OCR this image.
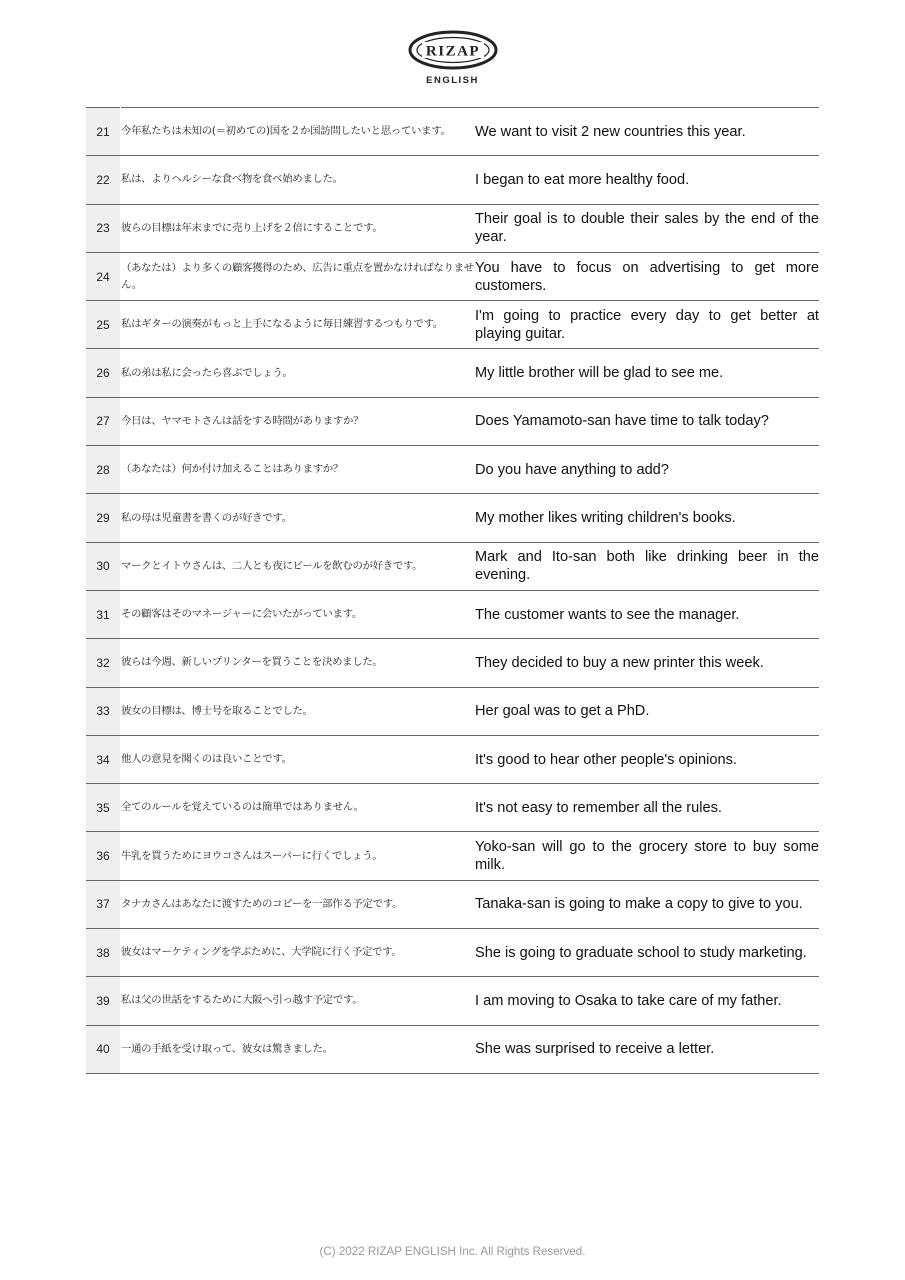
RIZAP
ENGLISH
21	今年私たちは未知の(＝初めての)国を２か国訪問したいと思っています。	We want to visit 2 new countries this year.
22	私は、よりヘルシーな食べ物を食べ始めました。	I began to eat more healthy food.
23	彼らの目標は年末までに売り上げを２倍にすることです。	Their goal is to double their sales by the end of the year.
24	（あなたは）より多くの顧客獲得のため、広告に重点を置かなければなりません。	You have to focus on advertising to get more customers.
25	私はギターの演奏がもっと上手になるように毎日練習するつもりです。	I'm going to practice every day to get better at playing guitar.
26	私の弟は私に会ったら喜ぶでしょう。	My little brother will be glad to see me.
27	今日は、ヤマモトさんは話をする時間がありますか？	Does Yamamoto-san have time to talk today?
28	（あなたは）何か付け加えることはありますか？	Do you have anything to add?
29	私の母は児童書を書くのが好きです。	My mother likes writing children's books.
30	マークとイトウさんは、二人とも夜にビールを飲むのが好きです。	Mark and Ito-san both like drinking beer in the evening.
31	その顧客はそのマネージャーに会いたがっています。	The customer wants to see the manager.
32	彼らは今週、新しいプリンターを買うことを決めました。	They decided to buy a new printer this week.
33	彼女の目標は、博士号を取ることでした。	Her goal was to get a PhD.
34	他人の意見を聞くのは良いことです。	It's good to hear other people's opinions.
35	全てのルールを覚えているのは簡単ではありません。	It's not easy to remember all the rules.
36	牛乳を買うためにヨウコさんはスーパーに行くでしょう。	Yoko-san will go to the grocery store to buy some milk.
37	タナカさんはあなたに渡すためのコピーを一部作る予定です。	Tanaka-san is going to make a copy to give to you.
38	彼女はマーケティングを学ぶために、大学院に行く予定です。	She is going to graduate school to study marketing.
39	私は父の世話をするために大阪へ引っ越す予定です。	I am moving to Osaka to take care of my father.
40	一通の手紙を受け取って、彼女は驚きました。	She was surprised to receive a letter.
(C) 2022 RIZAP ENGLISH Inc. All Rights Reserved.
